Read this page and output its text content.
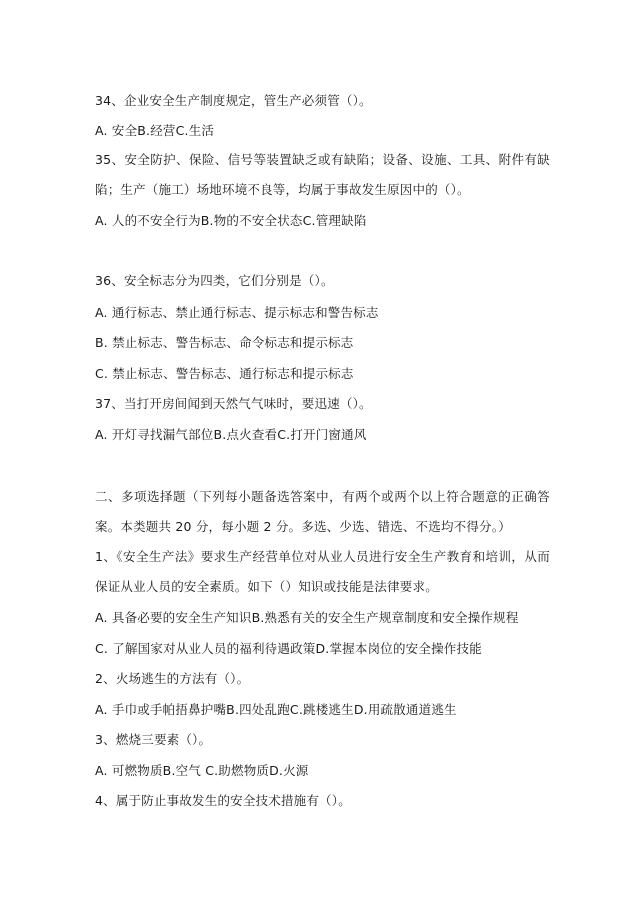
34、企业安全生产制度规定，管生产必须管（）。
A. 安全B.经营C.生活
35、安全防护、保险、信号等装置缺乏或有缺陷；设备、设施、工具、附件有缺陷；生产（施工）场地环境不良等，均属于事故发生原因中的（）。
A. 人的不安全行为B.物的不安全状态C.管理缺陷
36、安全标志分为四类，它们分别是（）。
A. 通行标志、禁止通行标志、提示标志和警告标志
B. 禁止标志、警告标志、命令标志和提示标志
C. 禁止标志、警告标志、通行标志和提示标志
37、当打开房间闻到天然气气味时，要迅速（）。
A. 开灯寻找漏气部位B.点火查看C.打开门窗通风
二、多项选择题（下列每小题备选答案中，有两个或两个以上符合题意的正确答案。本类题共 20 分，每小题 2 分。多选、少选、错选、不选均不得分。）
1、《安全生产法》要求生产经营单位对从业人员进行安全生产教育和培训，从而保证从业人员的安全素质。如下（）知识或技能是法律要求。
A. 具备必要的安全生产知识B.熟悉有关的安全生产规章制度和安全操作规程
C. 了解国家对从业人员的福利待遇政策D.掌握本岗位的安全操作技能
2、火场逃生的方法有（）。
A. 手巾或手帕捂鼻护嘴B.四处乱跑C.跳楼逃生D.用疏散通道逃生
3、燃烧三要素（）。
A. 可燃物质B.空气 C.助燃物质D.火源
4、属于防止事故发生的安全技术措施有（）。
